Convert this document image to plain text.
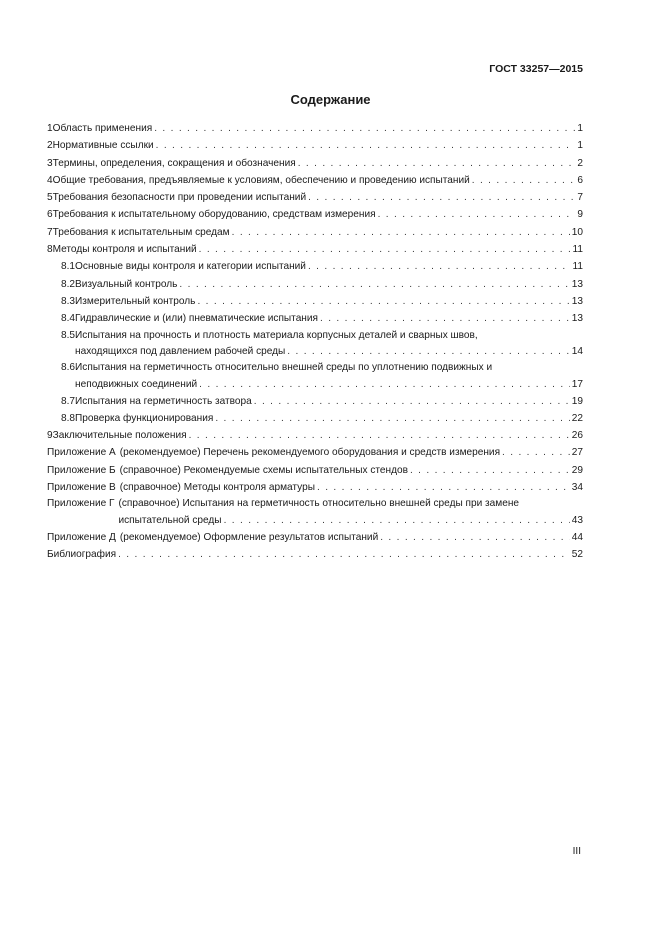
ГОСТ 33257—2015
Содержание
1 Область применения . . .	1
2 Нормативные ссылки . . .	1
3 Термины, определения, сокращения и обозначения . . .	2
4 Общие требования, предъявляемые к условиям, обеспечению и проведению испытаний . . .	6
5 Требования безопасности при проведении испытаний . . .	7
6 Требования к испытательному оборудованию, средствам измерения . . .	9
7 Требования к испытательным средам . . .	10
8 Методы контроля и испытаний . . .	11
8.1 Основные виды контроля и категории испытаний . . .	11
8.2 Визуальный контроль . . .	13
8.3 Измерительный контроль . . .	13
8.4 Гидравлические и (или) пневматические испытания . . .	13
8.5 Испытания на прочность и плотность материала корпусных деталей и сварных швов,
находящихся под давлением рабочей среды . . .	14
8.6 Испытания на герметичность относительно внешней среды по уплотнению подвижных и
неподвижных соединений . . .	17
8.7 Испытания на герметичность затвора . . .	19
8.8 Проверка функционирования . . .	22
9 Заключительные положения . . .	26
Приложение А (рекомендуемое) Перечень рекомендуемого оборудования и средств измерения . . .	27
Приложение Б (справочное) Рекомендуемые схемы испытательных стендов . . .	29
Приложение В (справочное) Методы контроля арматуры . . .	34
Приложение Г (справочное) Испытания на герметичность относительно внешней среды при замене
испытательной среды . . .	43
Приложение Д (рекомендуемое) Оформление результатов испытаний . . .	44
Библиография . . .	52
III
